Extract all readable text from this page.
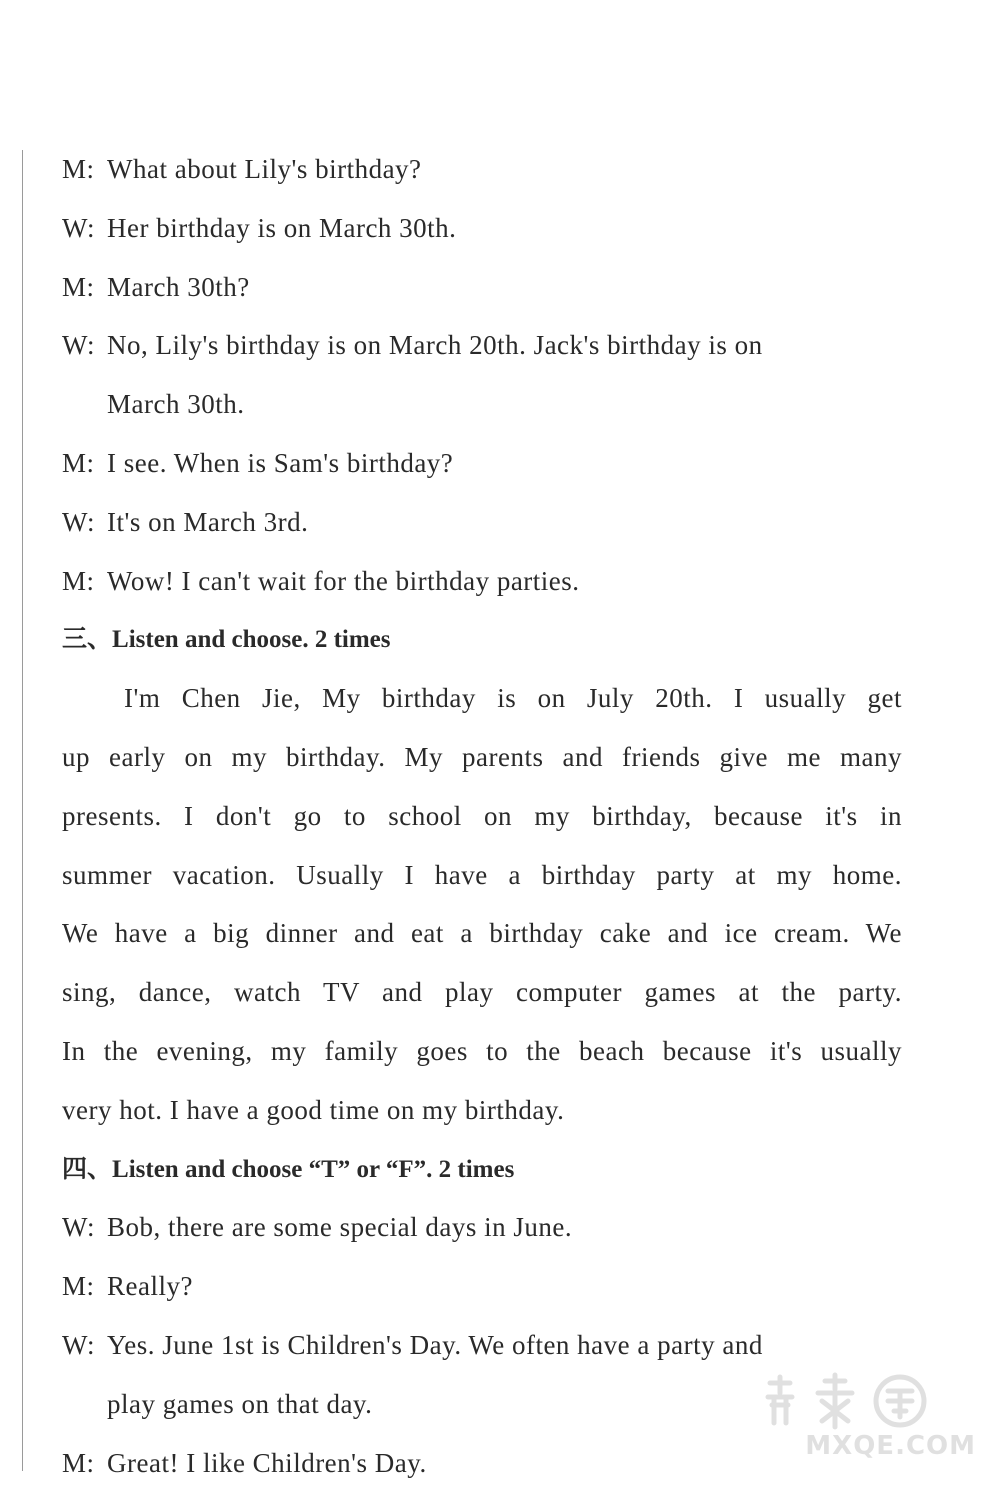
M: What about Lily's birthday?
W: Her birthday is on March 30th.
M: March 30th?
W: No, Lily's birthday is on March 20th. Jack's birthday is on
March 30th.
M: I see. When is Sam's birthday?
W: It's on March 3rd.
M: Wow! I can't wait for the birthday parties.
三、Listen and choose. 2 times
I'm Chen Jie, My birthday is on July 20th. I usually get
up early on my birthday. My parents and friends give me many
presents. I don't go to school on my birthday, because it's in
summer vacation. Usually I have a birthday party at my home.
We have a big dinner and eat a birthday cake and ice cream. We
sing, dance, watch TV and play computer games at the party.
In the evening, my family goes to the beach because it's usually
very hot. I have a good time on my birthday.
四、Listen and choose “T” or “F”. 2 times
W: Bob, there are some special days in June.
M: Really?
W: Yes. June 1st is Children's Day. We often have a party and
play games on that day.
M: Great! I like Children's Day.
MXQE.COM
